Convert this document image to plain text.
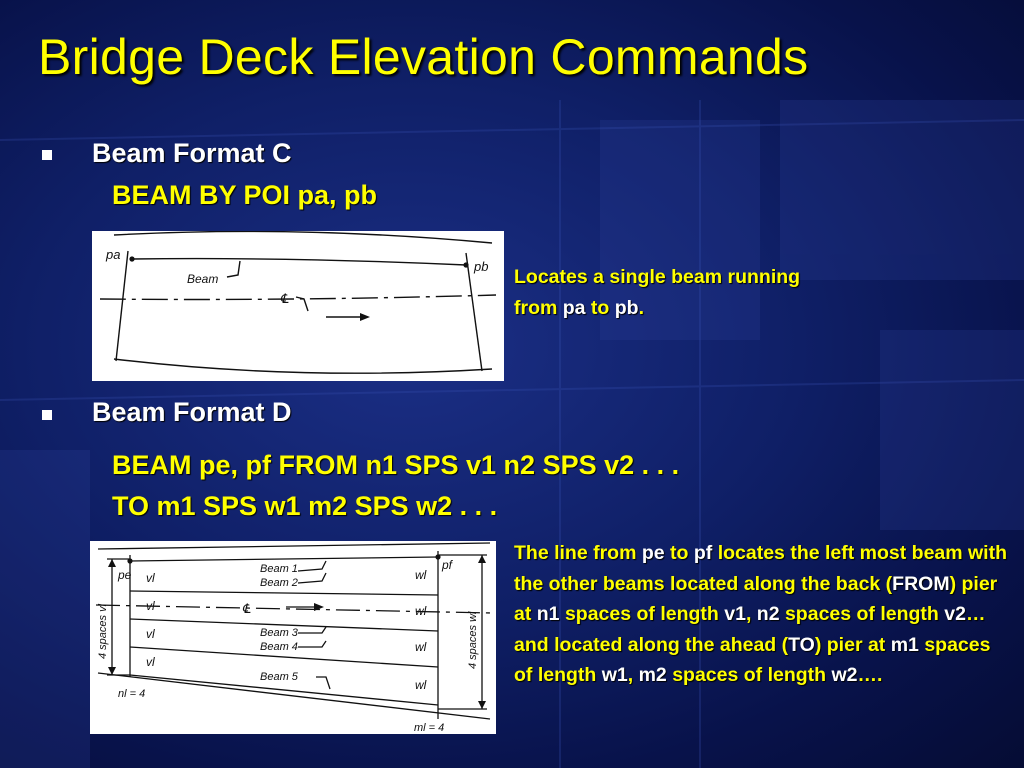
Bridge Deck Elevation Commands
Beam Format C
BEAM BY POI pa, pb
pa
pb
Beam
℄
Locates a single beam running from pa to pb.
Beam Format D
BEAM pe, pf FROM n1 SPS v1 n2 SPS v2 . . .
TO m1 SPS w1 m2 SPS w2 . . .
pe
pf
vl
vl
vl
vl
wl
wl
wl
wl
Beam 1
Beam 2
Beam 3
Beam 4
Beam 5
℄
4 spaces vl	4 spaces wl
nl = 4
ml = 4
The line from pe to pf locates the left most beam with the other beams located along the back (FROM) pier at n1 spaces of length v1, n2 spaces of length v2… and located along the ahead (TO) pier at m1 spaces of length w1, m2 spaces of length w2….
